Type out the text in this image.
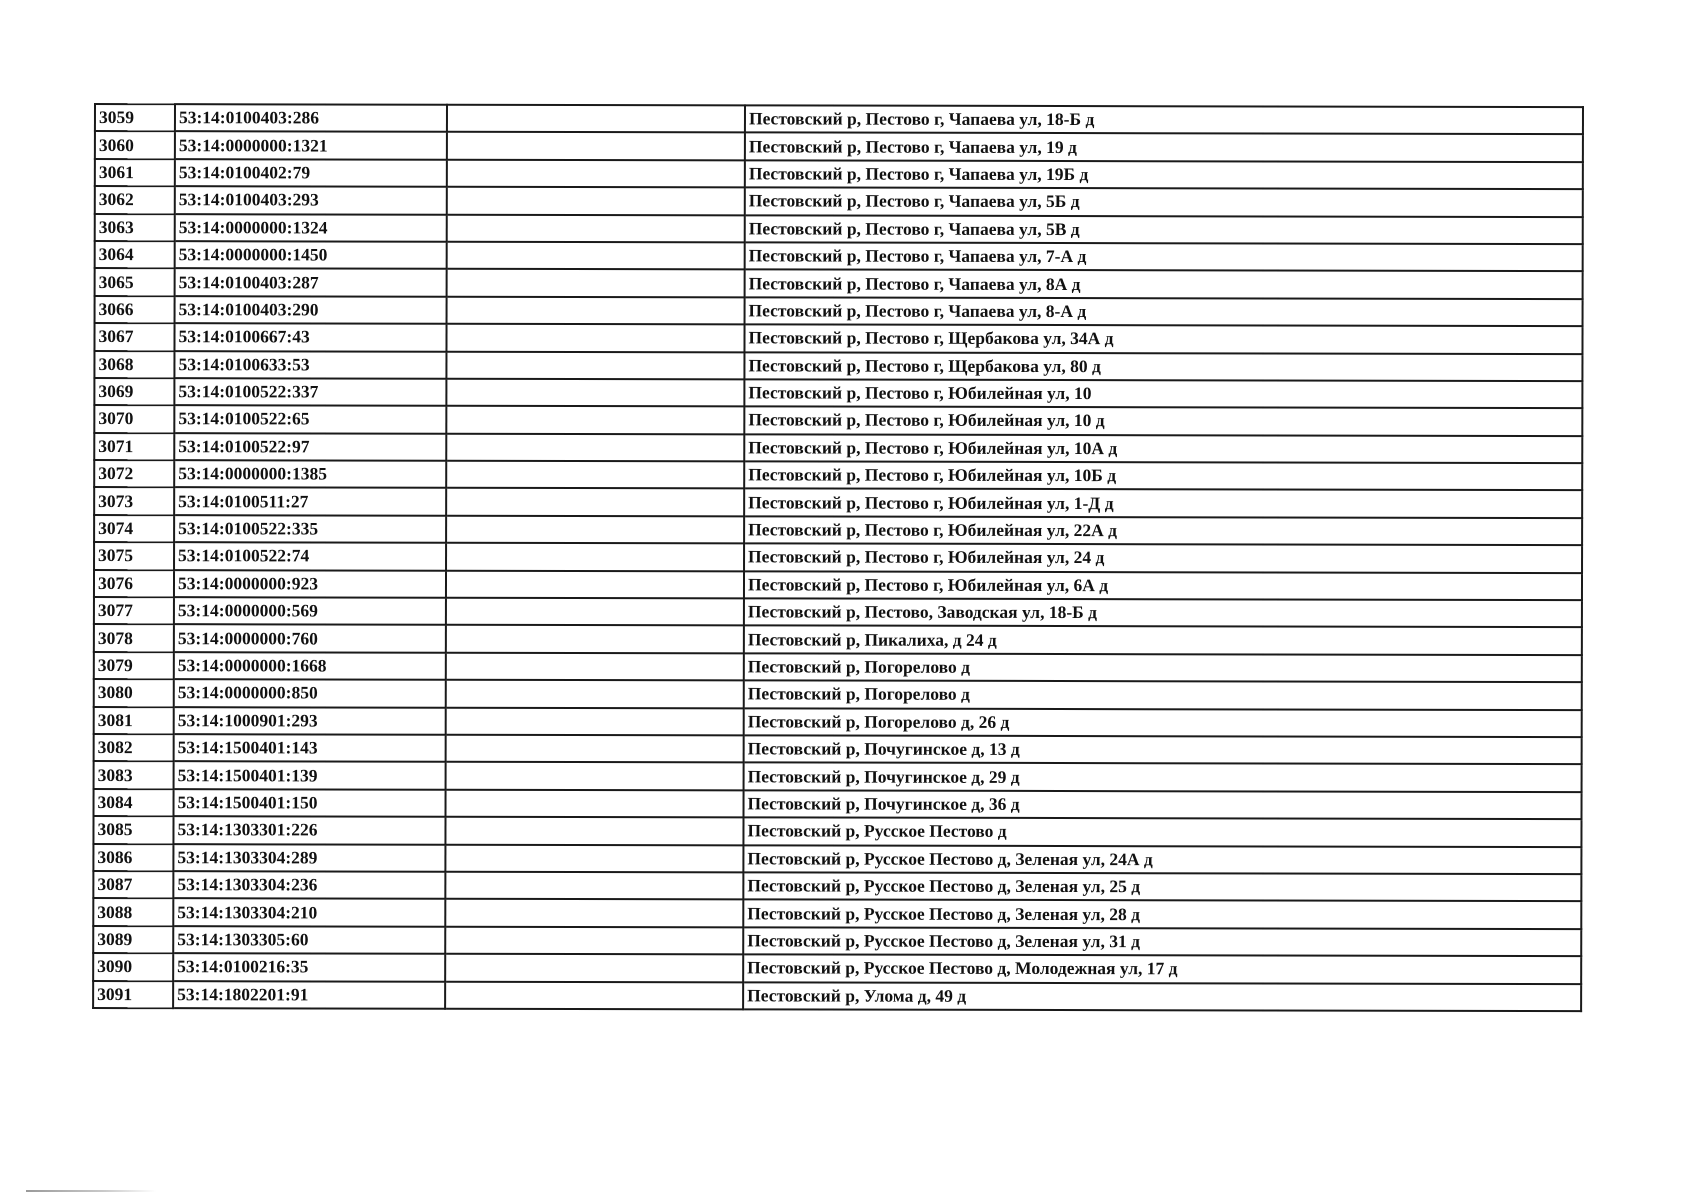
3059	53:14:0100403:286		Пестовский р, Пестово г, Чапаева ул, 18-Б д
3060	53:14:0000000:1321		Пестовский р, Пестово г, Чапаева ул, 19 д
3061	53:14:0100402:79		Пестовский р, Пестово г, Чапаева ул, 19Б д
3062	53:14:0100403:293		Пестовский р, Пестово г, Чапаева ул, 5Б д
3063	53:14:0000000:1324		Пестовский р, Пестово г, Чапаева ул, 5В д
3064	53:14:0000000:1450		Пестовский р, Пестово г, Чапаева ул, 7-А д
3065	53:14:0100403:287		Пестовский р, Пестово г, Чапаева ул, 8А д
3066	53:14:0100403:290		Пестовский р, Пестово г, Чапаева ул, 8-А д
3067	53:14:0100667:43		Пестовский р, Пестово г, Щербакова ул, 34А д
3068	53:14:0100633:53		Пестовский р, Пестово г, Щербакова ул, 80 д
3069	53:14:0100522:337		Пестовский р, Пестово г, Юбилейная ул, 10
3070	53:14:0100522:65		Пестовский р, Пестово г, Юбилейная ул, 10 д
3071	53:14:0100522:97		Пестовский р, Пестово г, Юбилейная ул, 10А д
3072	53:14:0000000:1385		Пестовский р, Пестово г, Юбилейная ул, 10Б д
3073	53:14:0100511:27		Пестовский р, Пестово г, Юбилейная ул, 1-Д д
3074	53:14:0100522:335		Пестовский р, Пестово г, Юбилейная ул, 22А д
3075	53:14:0100522:74		Пестовский р, Пестово г, Юбилейная ул, 24 д
3076	53:14:0000000:923		Пестовский р, Пестово г, Юбилейная ул, 6А д
3077	53:14:0000000:569		Пестовский р, Пестово, Заводская ул, 18-Б д
3078	53:14:0000000:760		Пестовский р, Пикалиха, д 24 д
3079	53:14:0000000:1668		Пестовский р, Погорелово д
3080	53:14:0000000:850		Пестовский р, Погорелово д
3081	53:14:1000901:293		Пестовский р, Погорелово д, 26 д
3082	53:14:1500401:143		Пестовский р, Почугинское д, 13 д
3083	53:14:1500401:139		Пестовский р, Почугинское д, 29 д
3084	53:14:1500401:150		Пестовский р, Почугинское д, 36 д
3085	53:14:1303301:226		Пестовский р, Русское Пестово д
3086	53:14:1303304:289		Пестовский р, Русское Пестово д, Зеленая ул, 24А д
3087	53:14:1303304:236		Пестовский р, Русское Пестово д, Зеленая ул, 25 д
3088	53:14:1303304:210		Пестовский р, Русское Пестово д, Зеленая ул, 28 д
3089	53:14:1303305:60		Пестовский р, Русское Пестово д, Зеленая ул, 31 д
3090	53:14:0100216:35		Пестовский р, Русское Пестово д, Молодежная ул, 17 д
3091	53:14:1802201:91		Пестовский р, Улома д, 49 д
